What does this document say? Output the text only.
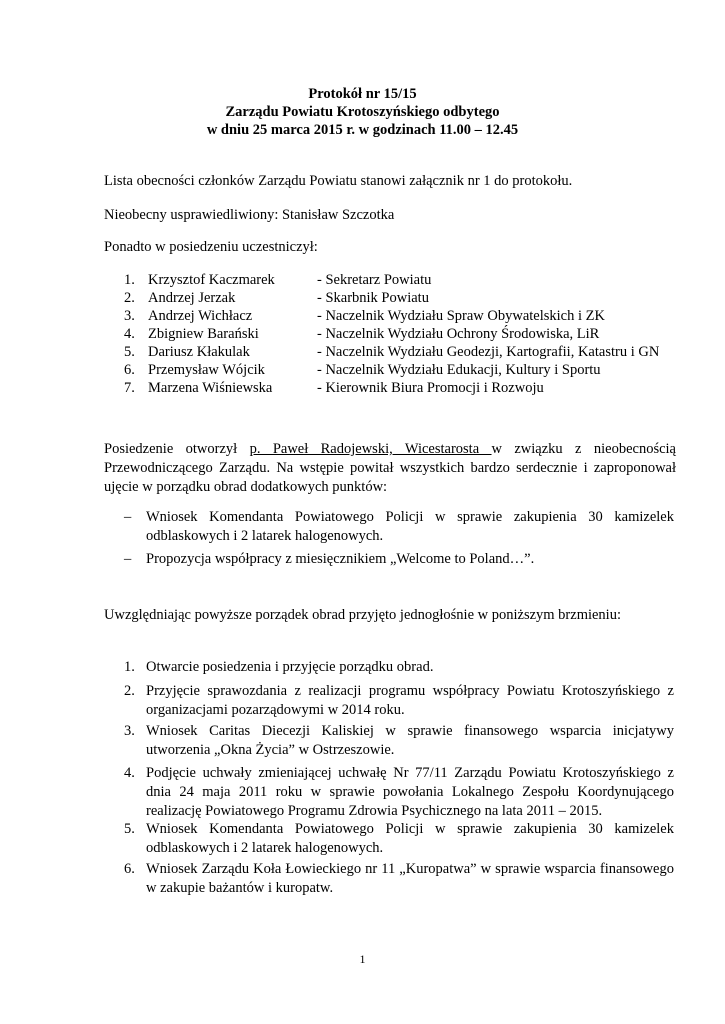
Protokół nr 15/15
Zarządu Powiatu Krotoszyńskiego odbytego
w dniu 25 marca 2015 r. w godzinach 11.00 – 12.45
Lista obecności członków Zarządu Powiatu stanowi załącznik nr 1 do protokołu.
Nieobecny usprawiedliwiony: Stanisław Szczotka
Ponadto w posiedzeniu uczestniczył:
1. Krzysztof Kaczmarek	- Sekretarz Powiatu
2. Andrzej Jerzak	- Skarbnik Powiatu
3. Andrzej Wichłacz	- Naczelnik Wydziału Spraw Obywatelskich i ZK
4. Zbigniew Barański	- Naczelnik Wydziału Ochrony Środowiska, LiR
5. Dariusz Kłakulak	- Naczelnik Wydziału Geodezji, Kartografii, Katastru i GN
6. Przemysław Wójcik	- Naczelnik Wydziału Edukacji, Kultury i Sportu
7. Marzena Wiśniewska	- Kierownik Biura Promocji i Rozwoju
Posiedzenie otworzył p. Paweł Radojewski, Wicestarosta w związku z nieobecnością Przewodniczącego Zarządu. Na wstępie powitał wszystkich bardzo serdecznie i zaproponował ujęcie w porządku obrad dodatkowych punktów:
– Wniosek Komendanta Powiatowego Policji w sprawie zakupienia 30 kamizelek odblaskowych i 2 latarek halogenowych.
– Propozycja współpracy z miesięcznikiem „Welcome to Poland…”.
Uwzględniając powyższe porządek obrad przyjęto jednogłośnie w poniższym brzmieniu:
1. Otwarcie posiedzenia i przyjęcie porządku obrad.
2. Przyjęcie sprawozdania z realizacji programu współpracy Powiatu Krotoszyńskiego z organizacjami pozarządowymi w 2014 roku.
3. Wniosek Caritas Diecezji Kaliskiej w sprawie finansowego wsparcia inicjatywy utworzenia „Okna Życia” w Ostrzeszowie.
4. Podjęcie uchwały zmieniającej uchwałę Nr 77/11 Zarządu Powiatu Krotoszyńskiego z dnia 24 maja 2011 roku w sprawie powołania Lokalnego Zespołu Koordynującego realizację Powiatowego Programu Zdrowia Psychicznego na lata 2011 – 2015.
5. Wniosek Komendanta Powiatowego Policji w sprawie zakupienia 30 kamizelek odblaskowych i 2 latarek halogenowych.
6. Wniosek Zarządu Koła Łowieckiego nr 11 „Kuropatwa” w sprawie wsparcia finansowego w zakupie bażantów i kuropatw.
1
